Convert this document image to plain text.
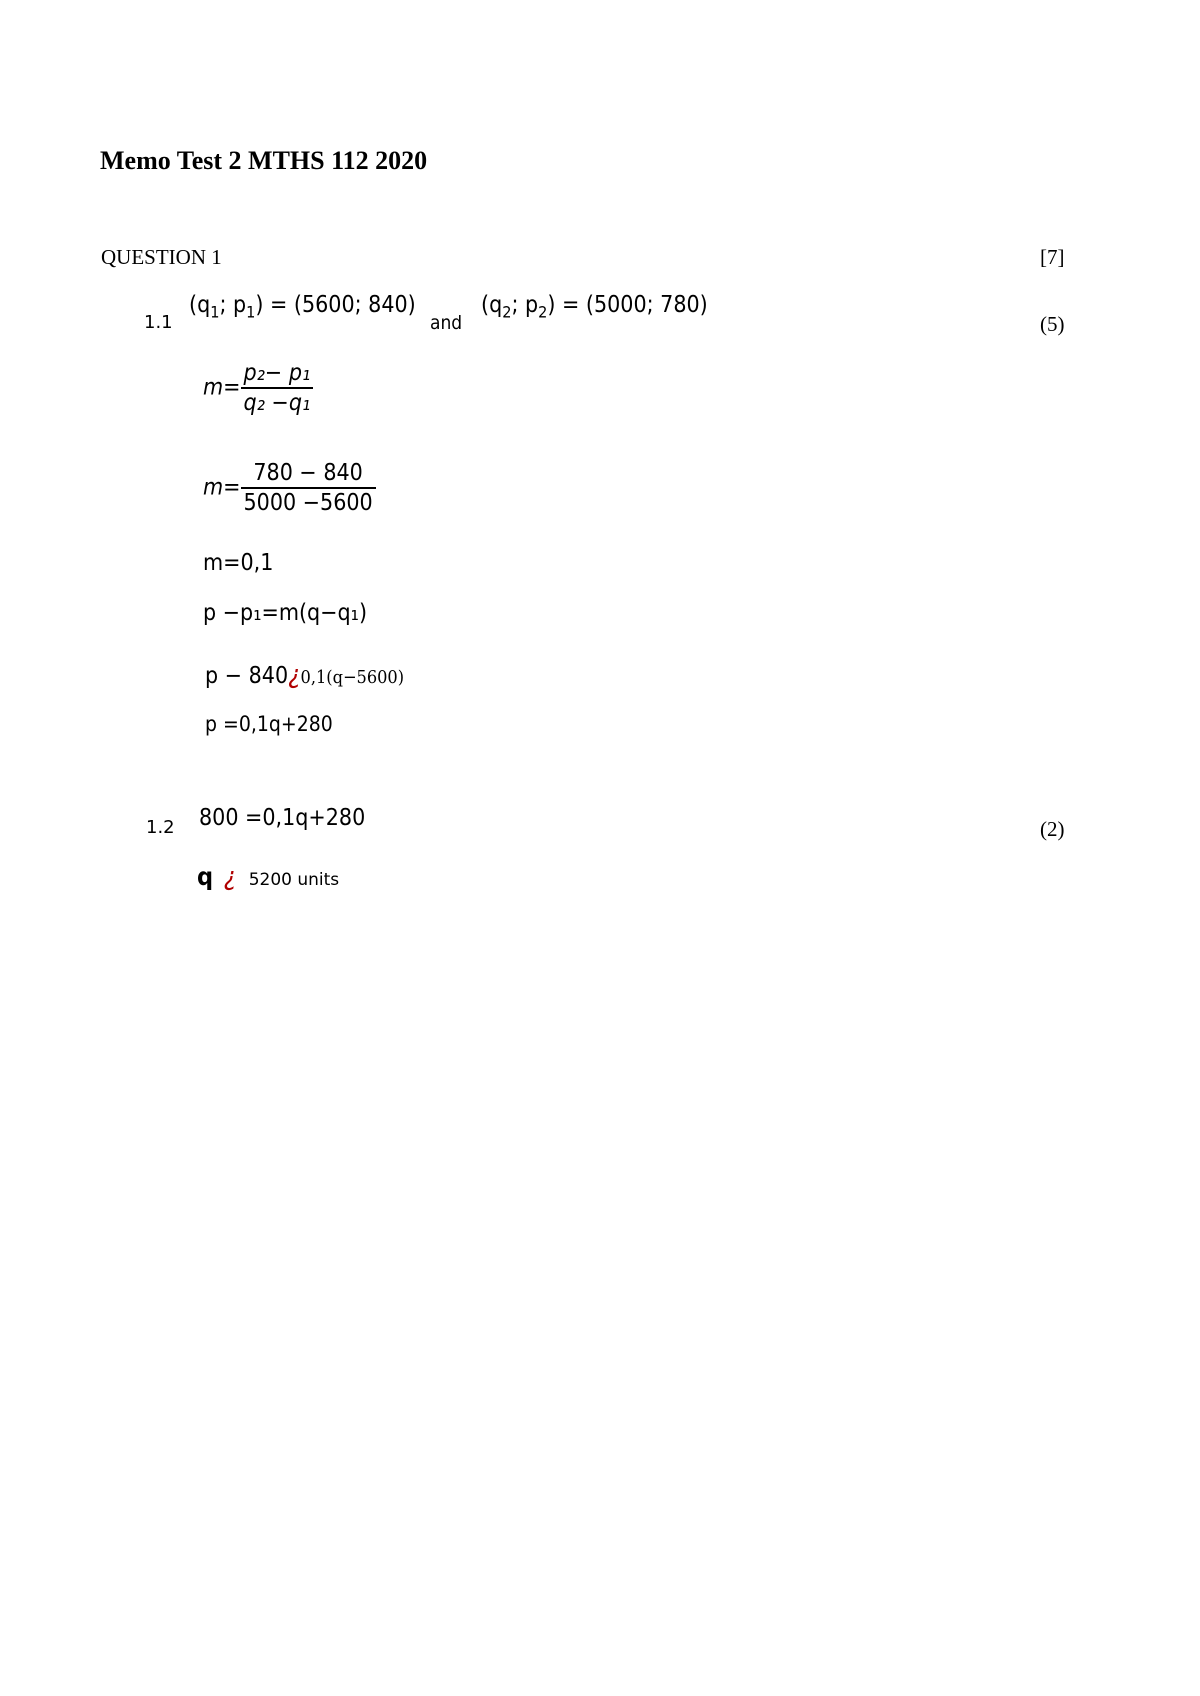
Memo Test 2 MTHS 112 2020
QUESTION 1	[7]
1.1
($q_1$; $p_1) = (5600$; 840)
and
($q_2$; $p_2) = (5000$; 780)
(5)
$m= \frac{\text{p₂− p₁}}{\text{q₂ −q₁}}$
$m= \frac{780 - 840}{5000 -5600}$
m=0,1
p −p₁=m(q−q₁)
p − 840¿0,1(q−5600)
p =0,1q+280
1.2 800 =0,1q+280	(2)
q ¿ 5200 units
